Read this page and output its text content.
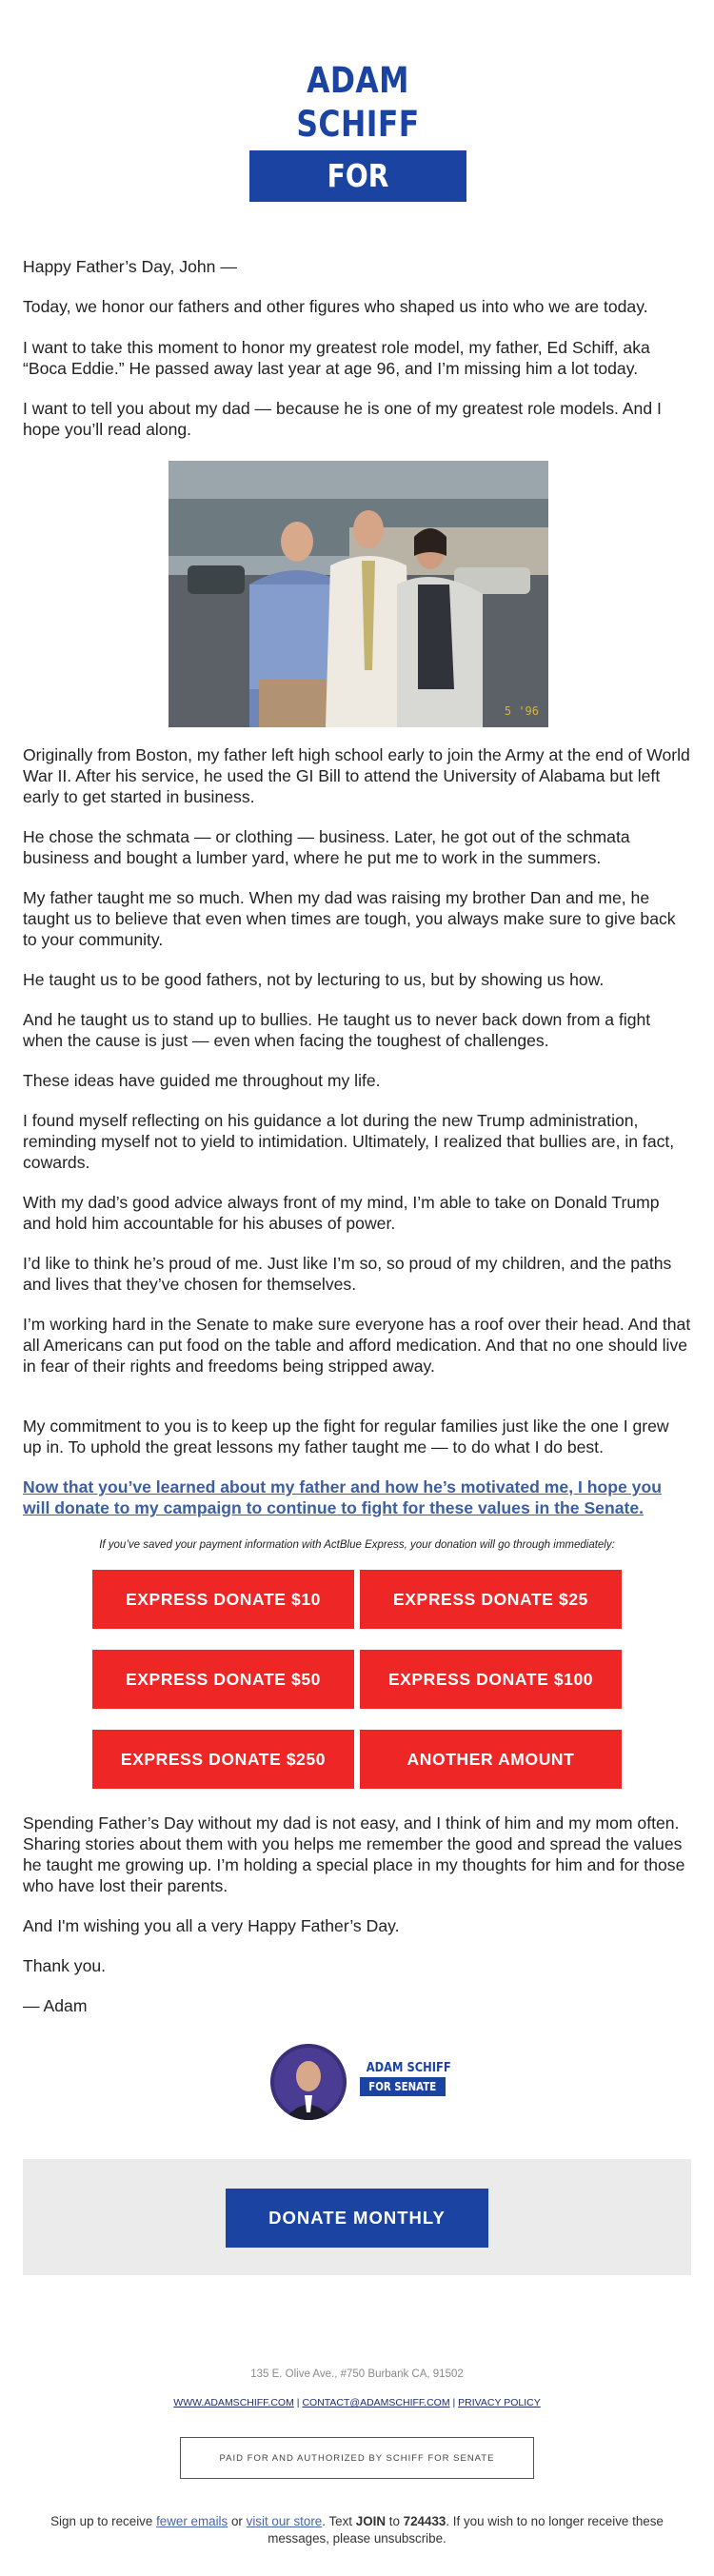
ADAM SCHIFF
FOR SENATE
Happy Father’s Day, John —
Today, we honor our fathers and other figures who shaped us into who we are today.
I want to take this moment to honor my greatest role model, my father, Ed Schiff, aka “Boca Eddie.” He passed away last year at age 96, and I’m missing him a lot today.
I want to tell you about my dad — because he is one of my greatest role models. And I hope you’ll read along.
5 '96
Originally from Boston, my father left high school early to join the Army at the end of World War II. After his service, he used the GI Bill to attend the University of Alabama but left early to get started in business.
He chose the schmata — or clothing — business. Later, he got out of the schmata business and bought a lumber yard, where he put me to work in the summers.
My father taught me so much. When my dad was raising my brother Dan and me, he taught us to believe that even when times are tough, you always make sure to give back to your community.
He taught us to be good fathers, not by lecturing to us, but by showing us how.
And he taught us to stand up to bullies. He taught us to never back down from a fight when the cause is just — even when facing the toughest of challenges.
These ideas have guided me throughout my life.
I found myself reflecting on his guidance a lot during the new Trump administration, reminding myself not to yield to intimidation. Ultimately, I realized that bullies are, in fact, cowards.
With my dad’s good advice always front of my mind, I’m able to take on Donald Trump and hold him accountable for his abuses of power.
I’d like to think he’s proud of me. Just like I’m so, so proud of my children, and the paths and lives that they’ve chosen for themselves.
I’m working hard in the Senate to make sure everyone has a roof over their head. And that all Americans can put food on the table and afford medication. And that no one should live in fear of their rights and freedoms being stripped away.
My commitment to you is to keep up the fight for regular families just like the one I grew up in. To uphold the great lessons my father taught me — to do what I do best.
Now that you’ve learned about my father and how he’s motivated me, I hope you will donate to my campaign to continue to fight for these values in the Senate.
If you’ve saved your payment information with ActBlue Express, your donation will go through immediately:
EXPRESS DONATE $10	EXPRESS DONATE $25
EXPRESS DONATE $50	EXPRESS DONATE $100
EXPRESS DONATE $250	ANOTHER AMOUNT
Spending Father’s Day without my dad is not easy, and I think of him and my mom often. Sharing stories about them with you helps me remember the good and spread the values he taught me growing up. I’m holding a special place in my thoughts for him and for those who have lost their parents.
And I'm wishing you all a very Happy Father’s Day.
Thank you.
— Adam
ADAM SCHIFF
FOR SENATE
DONATE MONTHLY
135 E. Olive Ave., #750 Burbank CA, 91502
WWW.ADAMSCHIFF.COM | CONTACT@ADAMSCHIFF.COM | PRIVACY POLICY
PAID FOR AND AUTHORIZED BY SCHIFF FOR SENATE
Sign up to receive fewer emails or visit our store. Text JOIN to 724433. If you wish to no longer receive these messages, please unsubscribe.
